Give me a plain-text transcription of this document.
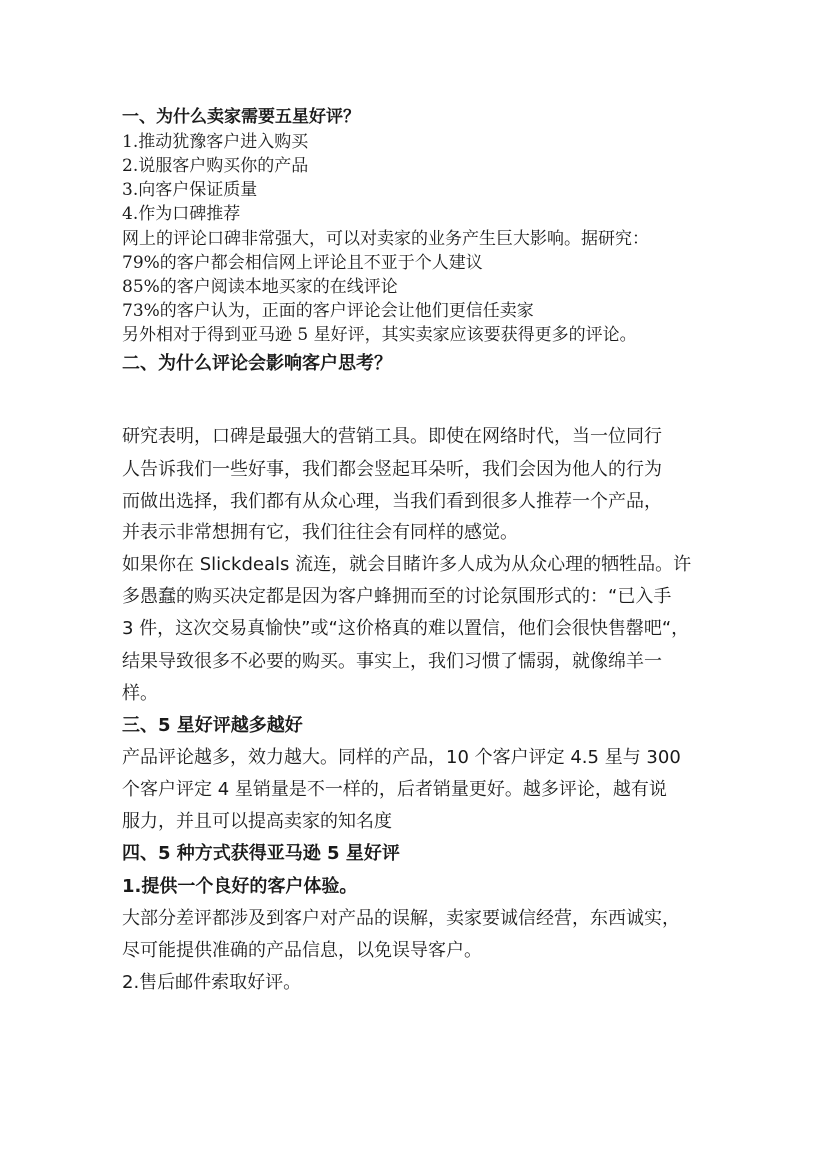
一、为什么卖家需要五星好评？

1.推动犹豫客户进入购买

2.说服客户购买你的产品

3.向客户保证质量

4.作为口碑推荐

网上的评论口碑非常强大，可以对卖家的业务产生巨大影响。据研究：

79%的客户都会相信网上评论且不亚于个人建议

85%的客户阅读本地买家的在线评论

73%的客户认为，正面的客户评论会让他们更信任卖家

另外相对于得到亚马逊 5 星好评，其实卖家应该要获得更多的评论。

二、为什么评论会影响客户思考？

研究表明，口碑是最强大的营销工具。即使在网络时代，当一位同行

人告诉我们一些好事，我们都会竖起耳朵听，我们会因为他人的行为

而做出选择，我们都有从众心理，当我们看到很多人推荐一个产品，

并表示非常想拥有它，我们往往会有同样的感觉。

如果你在 Slickdeals 流连，就会目睹许多人成为从众心理的牺牲品。许

多愚蠢的购买决定都是因为客户蜂拥而至的讨论氛围形式的：“已入手

3 件，这次交易真愉快”或“这价格真的难以置信，他们会很快售罄吧“，

结果导致很多不必要的购买。事实上，我们习惯了懦弱，就像绵羊一

样。

三、5 星好评越多越好

产品评论越多，效力越大。同样的产品，10 个客户评定 4.5 星与 300

个客户评定 4 星销量是不一样的，后者销量更好。越多评论，越有说

服力，并且可以提高卖家的知名度

四、5 种方式获得亚马逊 5 星好评

1.提供一个良好的客户体验。

大部分差评都涉及到客户对产品的误解，卖家要诚信经营，东西诚实，

尽可能提供准确的产品信息，以免误导客户。

2.售后邮件索取好评。
